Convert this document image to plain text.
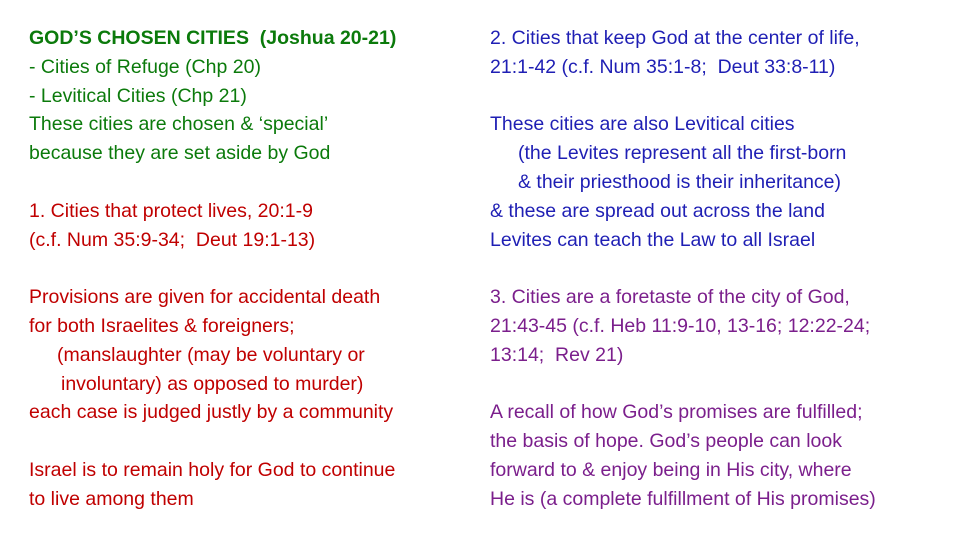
GOD’S CHOSEN CITIES  (Joshua 20-21)
- Cities of Refuge (Chp 20)
- Levitical Cities (Chp 21)
These cities are chosen & ‘special’
because they are set aside by God
1. Cities that protect lives, 20:1-9
(c.f. Num 35:9-34;  Deut 19:1-13)
Provisions are given for accidental death
for both Israelites & foreigners;
(manslaughter (may be voluntary or
involuntary) as opposed to murder)
each case is judged justly by a community
Israel is to remain holy for God to continue
to live among them
2. Cities that keep God at the center of life,
21:1-42 (c.f. Num 35:1-8;  Deut 33:8-11)
These cities are also Levitical cities
(the Levites represent all the first-born
& their priesthood is their inheritance)
& these are spread out across the land
Levites can teach the Law to all Israel
3. Cities are a foretaste of the city of God,
21:43-45 (c.f. Heb 11:9-10, 13-16; 12:22-24;
13:14;  Rev 21)
A recall of how God’s promises are fulfilled;
the basis of hope. God’s people can look
forward to & enjoy being in His city, where
He is (a complete fulfillment of His promises)
